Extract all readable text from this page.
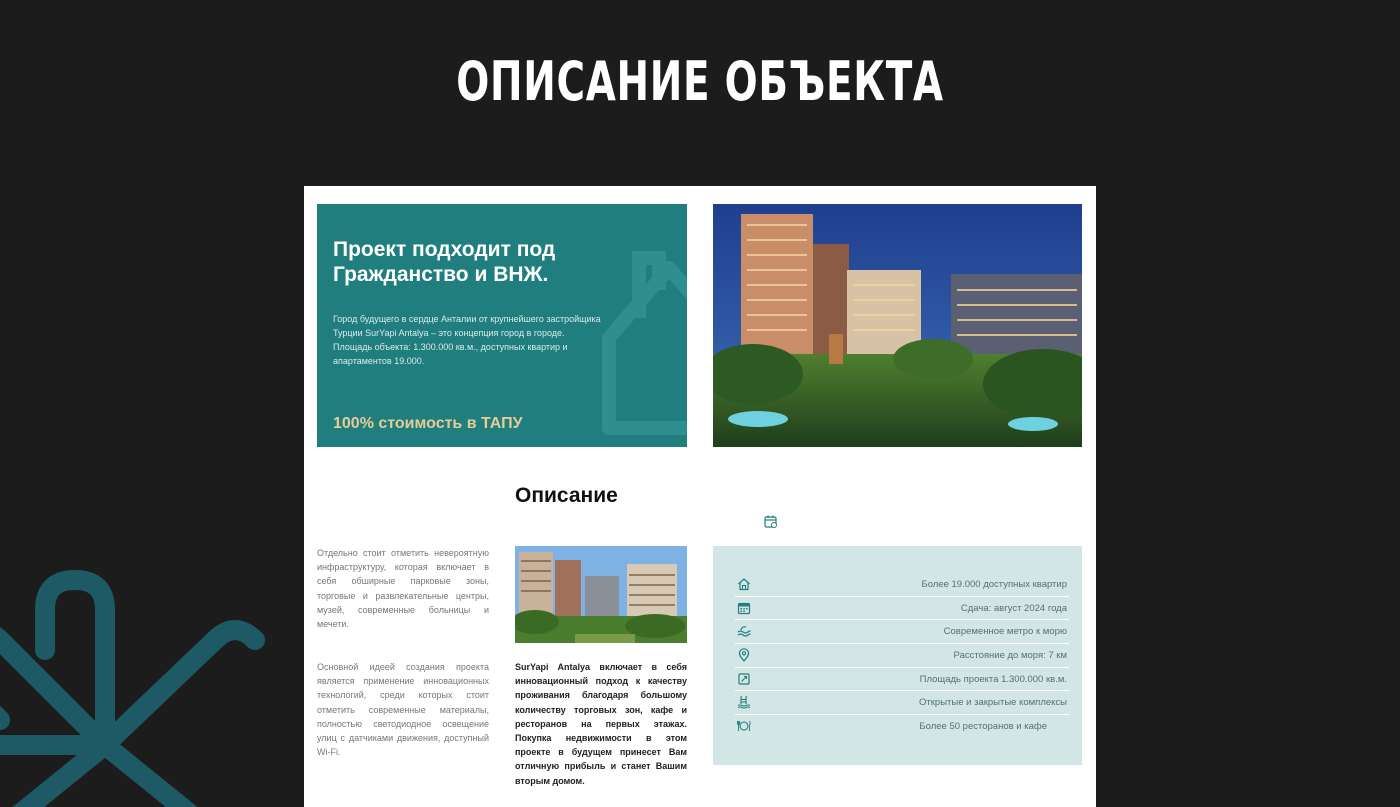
ОПИСАНИЕ ОБЪЕКТА
Проект подходит под Гражданство и ВНЖ.
Город будущего в сердце Анталии от крупнейшего застройщика Турции SurYapi Antalya – это концепция город в городе. Площадь объекта: 1.300.000 кв.м., доступных квартир и апартаментов 19.000.
100% стоимость в ТАПУ
Описание
Отдельно стоит отметить невероятную инфраструктуру, которая включает в себя обширные парковые зоны, торговые и развлекательные центры, музей, современные больницы и мечети.
Основной идеей создания проекта является применение инновационных технологий, среди которых стоит отметить современные материалы, полностью светодиодное освещение улиц с датчиками движения, доступный Wi-Fi.
SurYapi Antalya включает в себя инновационный подход к качеству проживания благодаря большому количеству торговых зон, кафе и ресторанов на первых этажах. Покупка недвижимости в этом проекте в будущем принесет Вам отличную прибыль и станет Вашим вторым домом.
Более 19.000 доступных квартир
Сдача: август 2024 года
Современное метро к морю
Расстояние до моря: 7 км
Площадь проекта 1.300.000 кв.м.
Открытые и закрытые комплексы
Более 50 ресторанов и кафе
